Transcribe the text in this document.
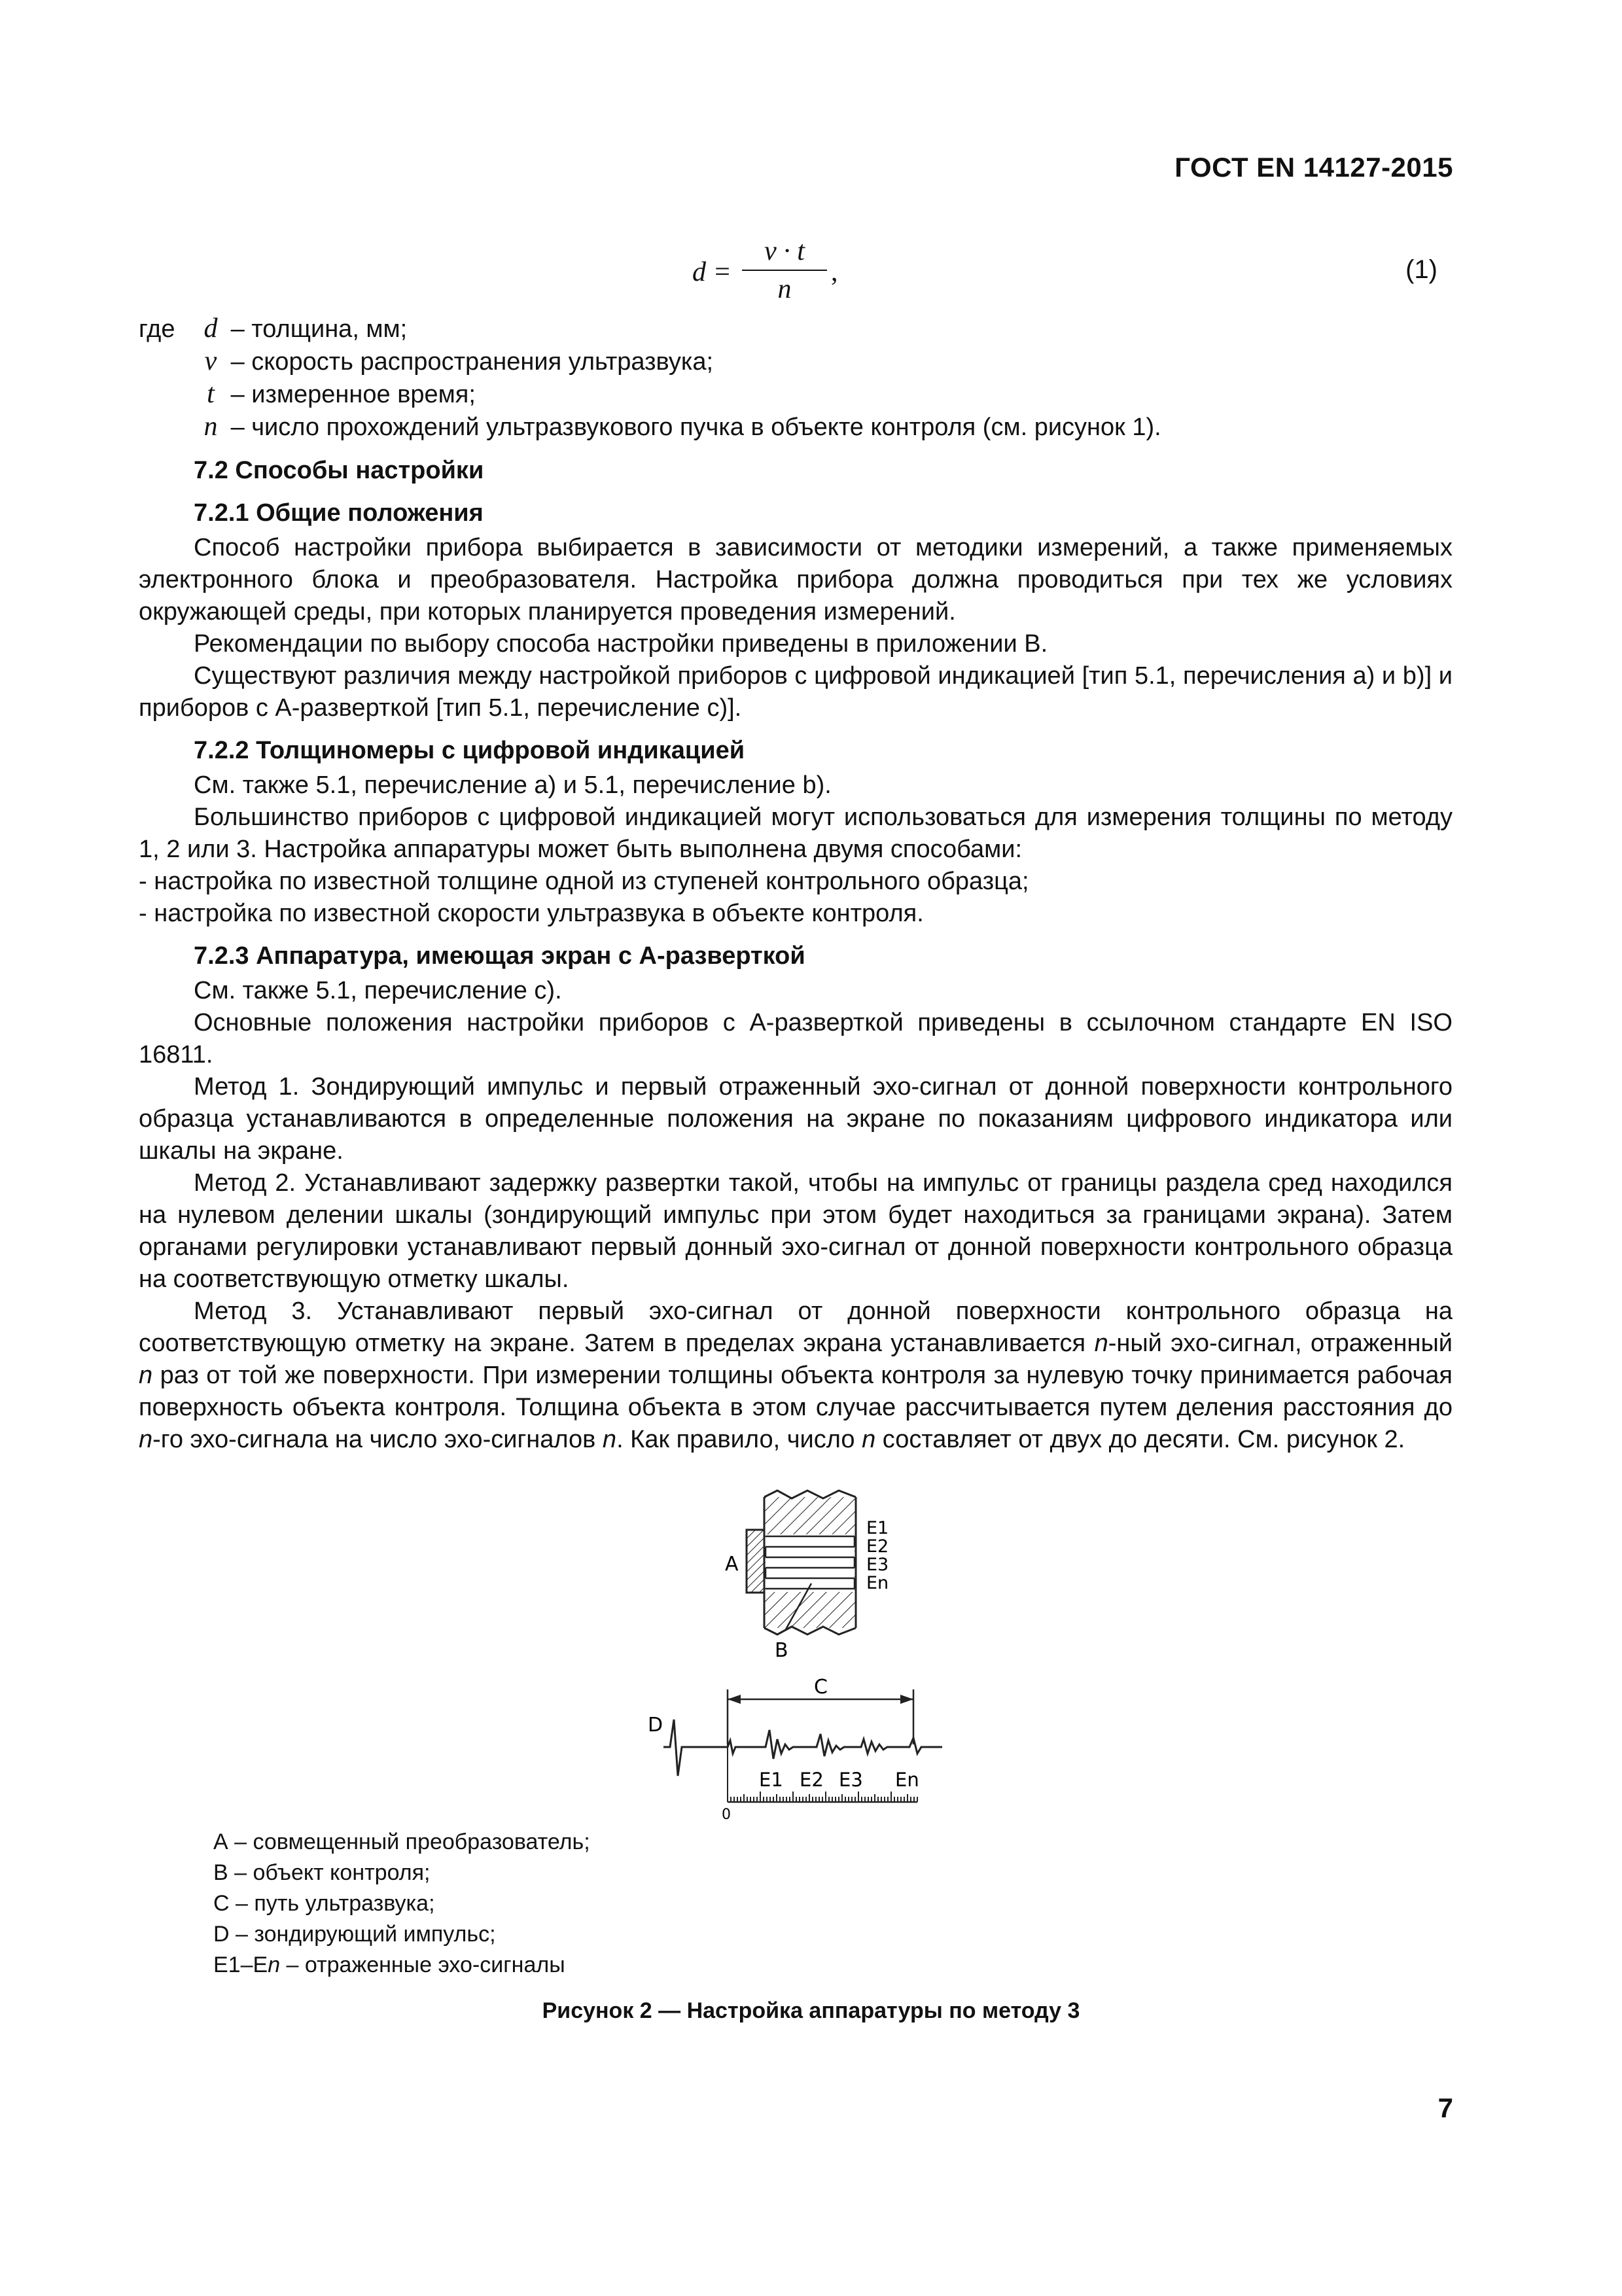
ГОСТ EN 14127-2015
$d = \frac{v \cdot t}{n}$ ,	(1)
где d – толщина, мм;
v – скорость распространения ультразвука;
t – измеренное время;
n – число прохождений ультразвукового пучка в объекте контроля (см. рисунок 1).
7.2 Способы настройки
7.2.1 Общие положения

Способ настройки прибора выбирается в зависимости от методики измерений, а также применяемых электронного блока и преобразователя. Настройка прибора должна проводиться при тех же условиях окружающей среды, при которых планируется проведения измерений.

Рекомендации по выбору способа настройки приведены в приложении В.

Существуют различия между настройкой приборов с цифровой индикацией [тип 5.1, перечисления a) и b)] и приборов с А-разверткой [тип 5.1, перечисление с)].

7.2.2 Толщиномеры с цифровой индикацией

См. также 5.1, перечисление а) и 5.1, перечисление b).

Большинство приборов с цифровой индикацией могут использоваться для измерения толщины по методу 1, 2 или 3. Настройка аппаратуры может быть выполнена двумя способами:

- настройка по известной толщине одной из ступеней контрольного образца;

- настройка по известной скорости ультразвука в объекте контроля.

7.2.3 Аппаратура, имеющая экран с А-разверткой

См. также 5.1, перечисление с).

Основные положения настройки приборов с А-разверткой приведены в ссылочном стандарте EN ISO 16811.

Метод 1. Зондирующий импульс и первый отраженный эхо-сигнал от донной поверхности контрольного образца устанавливаются в определенные положения на экране по показаниям цифрового индикатора или шкалы на экране.

Метод 2. Устанавливают задержку развертки такой, чтобы на импульс от границы раздела сред находился на нулевом делении шкалы (зондирующий импульс при этом будет находиться за границами экрана). Затем органами регулировки устанавливают первый донный эхо-сигнал от донной поверхности контрольного образца на соответствующую отметку шкалы.

Метод 3. Устанавливают первый эхо-сигнал от донной поверхности контрольного образца на соответствующую отметку на экране. Затем в пределах экрана устанавливается n-ный эхо-сигнал, отраженный n раз от той же поверхности. При измерении толщины объекта контроля за нулевую точку принимается рабочая поверхность объекта контроля. Толщина объекта в этом случае рассчитывается путем деления расстояния до n-го эхо-сигнала на число эхо-сигналов n. Как правило, число n составляет от двух до десяти. См. рисунок 2.

A
E1
E2
E3
En
B
C
D
0
E1 E2 E3 En
А – совмещенный преобразователь;
В – объект контроля;
С – путь ультразвука;
D – зондирующий импульс;
Е1–Еn – отраженные эхо-сигналы
Рисунок 2 — Настройка аппаратуры по методу 3
7
